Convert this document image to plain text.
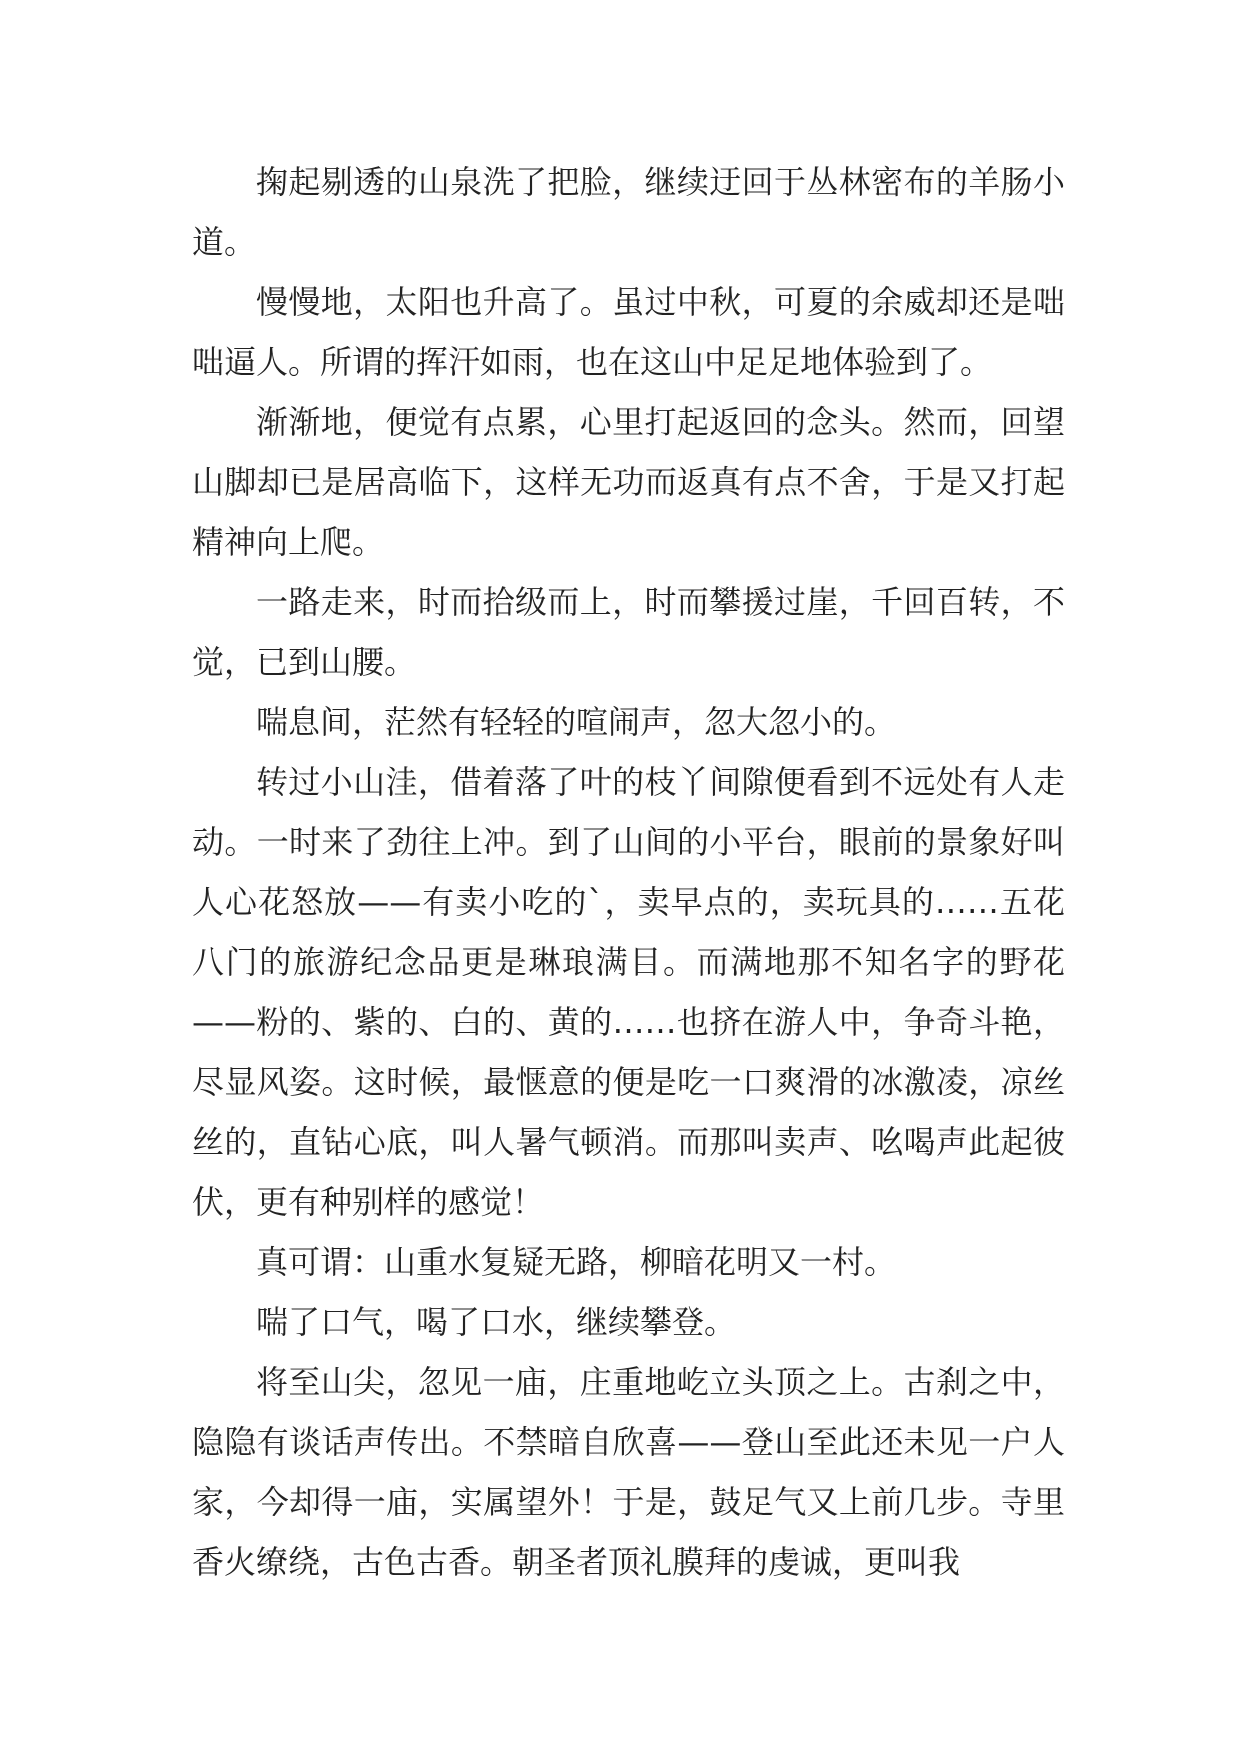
掬起剔透的山泉洗了把脸，继续迂回于丛林密布的羊肠小道。

慢慢地，太阳也升高了。虽过中秋，可夏的余威却还是咄咄逼人。所谓的挥汗如雨，也在这山中足足地体验到了。

渐渐地，便觉有点累，心里打起返回的念头。然而，回望山脚却已是居高临下，这样无功而返真有点不舍，于是又打起精神向上爬。

一路走来，时而拾级而上，时而攀援过崖，千回百转，不觉，已到山腰。

喘息间，茫然有轻轻的喧闹声，忽大忽小的。

转过小山洼，借着落了叶的枝丫间隙便看到不远处有人走动。一时来了劲往上冲。到了山间的小平台，眼前的景象好叫人心花怒放——有卖小吃的`，卖早点的，卖玩具的……五花八门的旅游纪念品更是琳琅满目。而满地那不知名字的野花——粉的、紫的、白的、黄的……也挤在游人中，争奇斗艳，尽显风姿。这时候，最惬意的便是吃一口爽滑的冰激凌，凉丝丝的，直钻心底，叫人暑气顿消。而那叫卖声、吆喝声此起彼伏，更有种别样的感觉！

真可谓：山重水复疑无路，柳暗花明又一村。

喘了口气，喝了口水，继续攀登。

将至山尖，忽见一庙，庄重地屹立头顶之上。古刹之中，隐隐有谈话声传出。不禁暗自欣喜——登山至此还未见一户人家，今却得一庙，实属望外！于是，鼓足气又上前几步。寺里香火缭绕，古色古香。朝圣者顶礼膜拜的虔诚，更叫我
